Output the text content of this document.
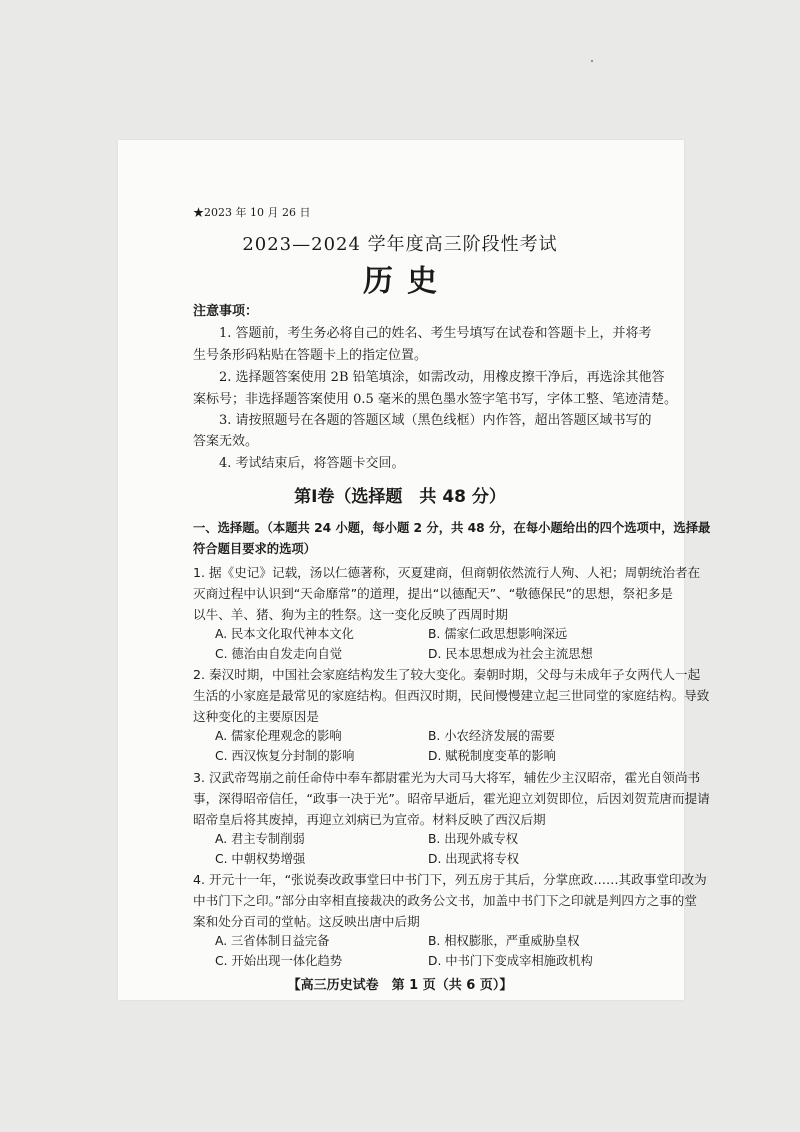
★2023 年 10 月 26 日
2023—2024 学年度高三阶段性考试
历史
注意事项：
1. 答题前，考生务必将自己的姓名、考生号填写在试卷和答题卡上，并将考
生号条形码粘贴在答题卡上的指定位置。
2. 选择题答案使用 2B 铅笔填涂，如需改动，用橡皮擦干净后，再选涂其他答
案标号；非选择题答案使用 0.5 毫米的黑色墨水签字笔书写，字体工整、笔迹清楚。
3. 请按照题号在各题的答题区域（黑色线框）内作答，超出答题区域书写的
答案无效。
4. 考试结束后，将答题卡交回。
第Ⅰ卷（选择题　共 48 分）
一、选择题。（本题共 24 小题，每小题 2 分，共 48 分，在每小题给出的四个选项中，选择最
符合题目要求的选项）
1. 据《史记》记载，汤以仁德著称，灭夏建商，但商朝依然流行人殉、人祀；周朝统治者在
灭商过程中认识到“天命靡常”的道理，提出“以德配天”、“敬德保民”的思想，祭祀多是
以牛、羊、猪、狗为主的牲祭。这一变化反映了西周时期
A. 民本文化取代神本文化	B. 儒家仁政思想影响深远
C. 德治由自发走向自觉	D. 民本思想成为社会主流思想
2. 秦汉时期，中国社会家庭结构发生了较大变化。秦朝时期，父母与未成年子女两代人一起
生活的小家庭是最常见的家庭结构。但西汉时期，民间慢慢建立起三世同堂的家庭结构。导致
这种变化的主要原因是
A. 儒家伦理观念的影响	B. 小农经济发展的需要
C. 西汉恢复分封制的影响	D. 赋税制度变革的影响
3. 汉武帝驾崩之前任命侍中奉车都尉霍光为大司马大将军，辅佐少主汉昭帝，霍光自领尚书
事，深得昭帝信任，“政事一决于光”。昭帝早逝后，霍光迎立刘贺即位，后因刘贺荒唐而提请
昭帝皇后将其废掉，再迎立刘病已为宣帝。材料反映了西汉后期
A. 君主专制削弱	B. 出现外戚专权
C. 中朝权势增强	D. 出现武将专权
4. 开元十一年，“张说奏改政事堂曰中书门下，列五房于其后，分掌庶政……其政事堂印改为
中书门下之印。”部分由宰相直接裁决的政务公文书，加盖中书门下之印就是判四方之事的堂
案和处分百司的堂帖。这反映出唐中后期
A. 三省体制日益完备	B. 相权膨胀，严重威胁皇权
C. 开始出现一体化趋势	D. 中书门下变成宰相施政机构
【高三历史试卷　第 1 页（共 6 页）】
